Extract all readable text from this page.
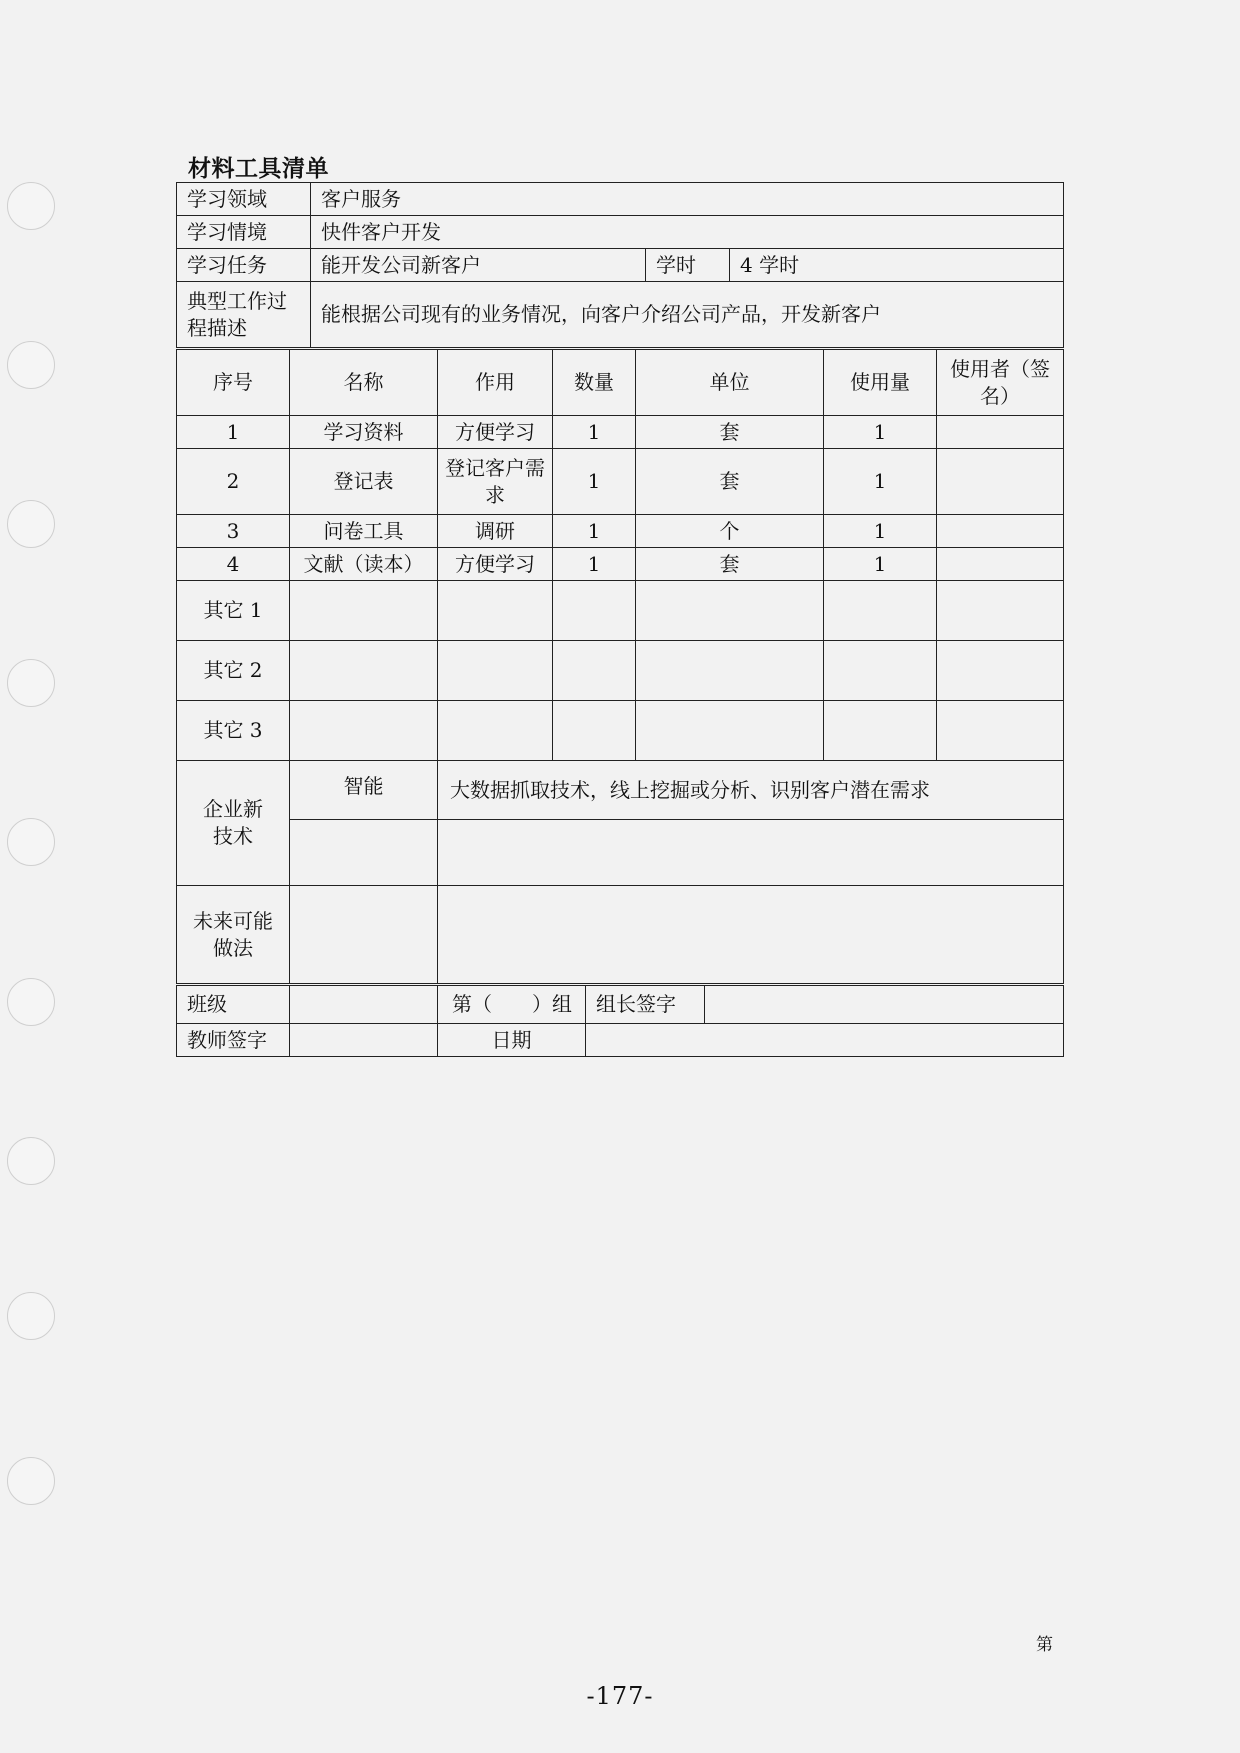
材料工具清单
学习领域	客户服务		
学习情境	快件客户开发		
学习任务	能开发公司新客户	学时	4 学时
典型工作过程描述	能根据公司现有的业务情况，向客户介绍公司产品，开发新客户		
序号	名称	作用	数量	单位	使用量	使用者（签名）
1	学习资料	方便学习	1	套	1	
2	登记表	登记客户需求	1	套	1	
3	问卷工具	调研	1	个	1	
4	文献（读本）	方便学习	1	套	1	
其它 1						
其它 2						
其它 3						
企业新技术	智能	大数据抓取技术，线上挖掘或分析、识别客户潜在需求				

未来可能做法						
班级		第（　　）组	组长签字	
教师签字		日期		
第
-177-
